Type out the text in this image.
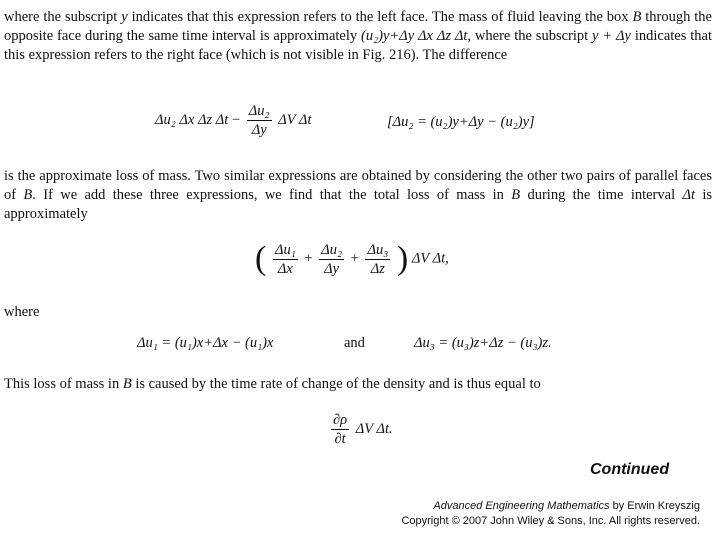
where the subscript y indicates that this expression refers to the left face. The mass of fluid leaving the box B through the opposite face during the same time interval is approximately (u₂)y+Δy Δx Δz Δt, where the subscript y + Δy indicates that this expression refers to the right face (which is not visible in Fig. 216). The difference
Δu₂ Δx Δz $\Delta t - \frac{\text{Δu₂}}{\Delta y}$ ΔV Δt	[Δu₂ = (u₂)y+Δy − (u₂)y]
is the approximate loss of mass. Two similar expressions are obtained by considering the other two pairs of parallel faces of B. If we add these three expressions, we find that the total loss of mass in B during the time interval Δt is approximately
( $\frac{\text{Δu₁}}{\Delta x} + \frac{\text{Δu₂}}{\Delta y} + \frac{\text{Δu₃}}{\Delta z}$ ) ΔV Δt,
where
Δu₁ = (u₁)x+Δx − (u₁)x	and	Δu₃ = (u₃)z+Δz − (u₃)z.
This loss of mass in B is caused by the time rate of change of the density and is thus equal to
$\frac{\partial\rho}{\partial t}$ ΔV Δt.
Continued
Advanced Engineering Mathematics by Erwin Kreyszig
Copyright © 2007 John Wiley & Sons, Inc. All rights reserved.
